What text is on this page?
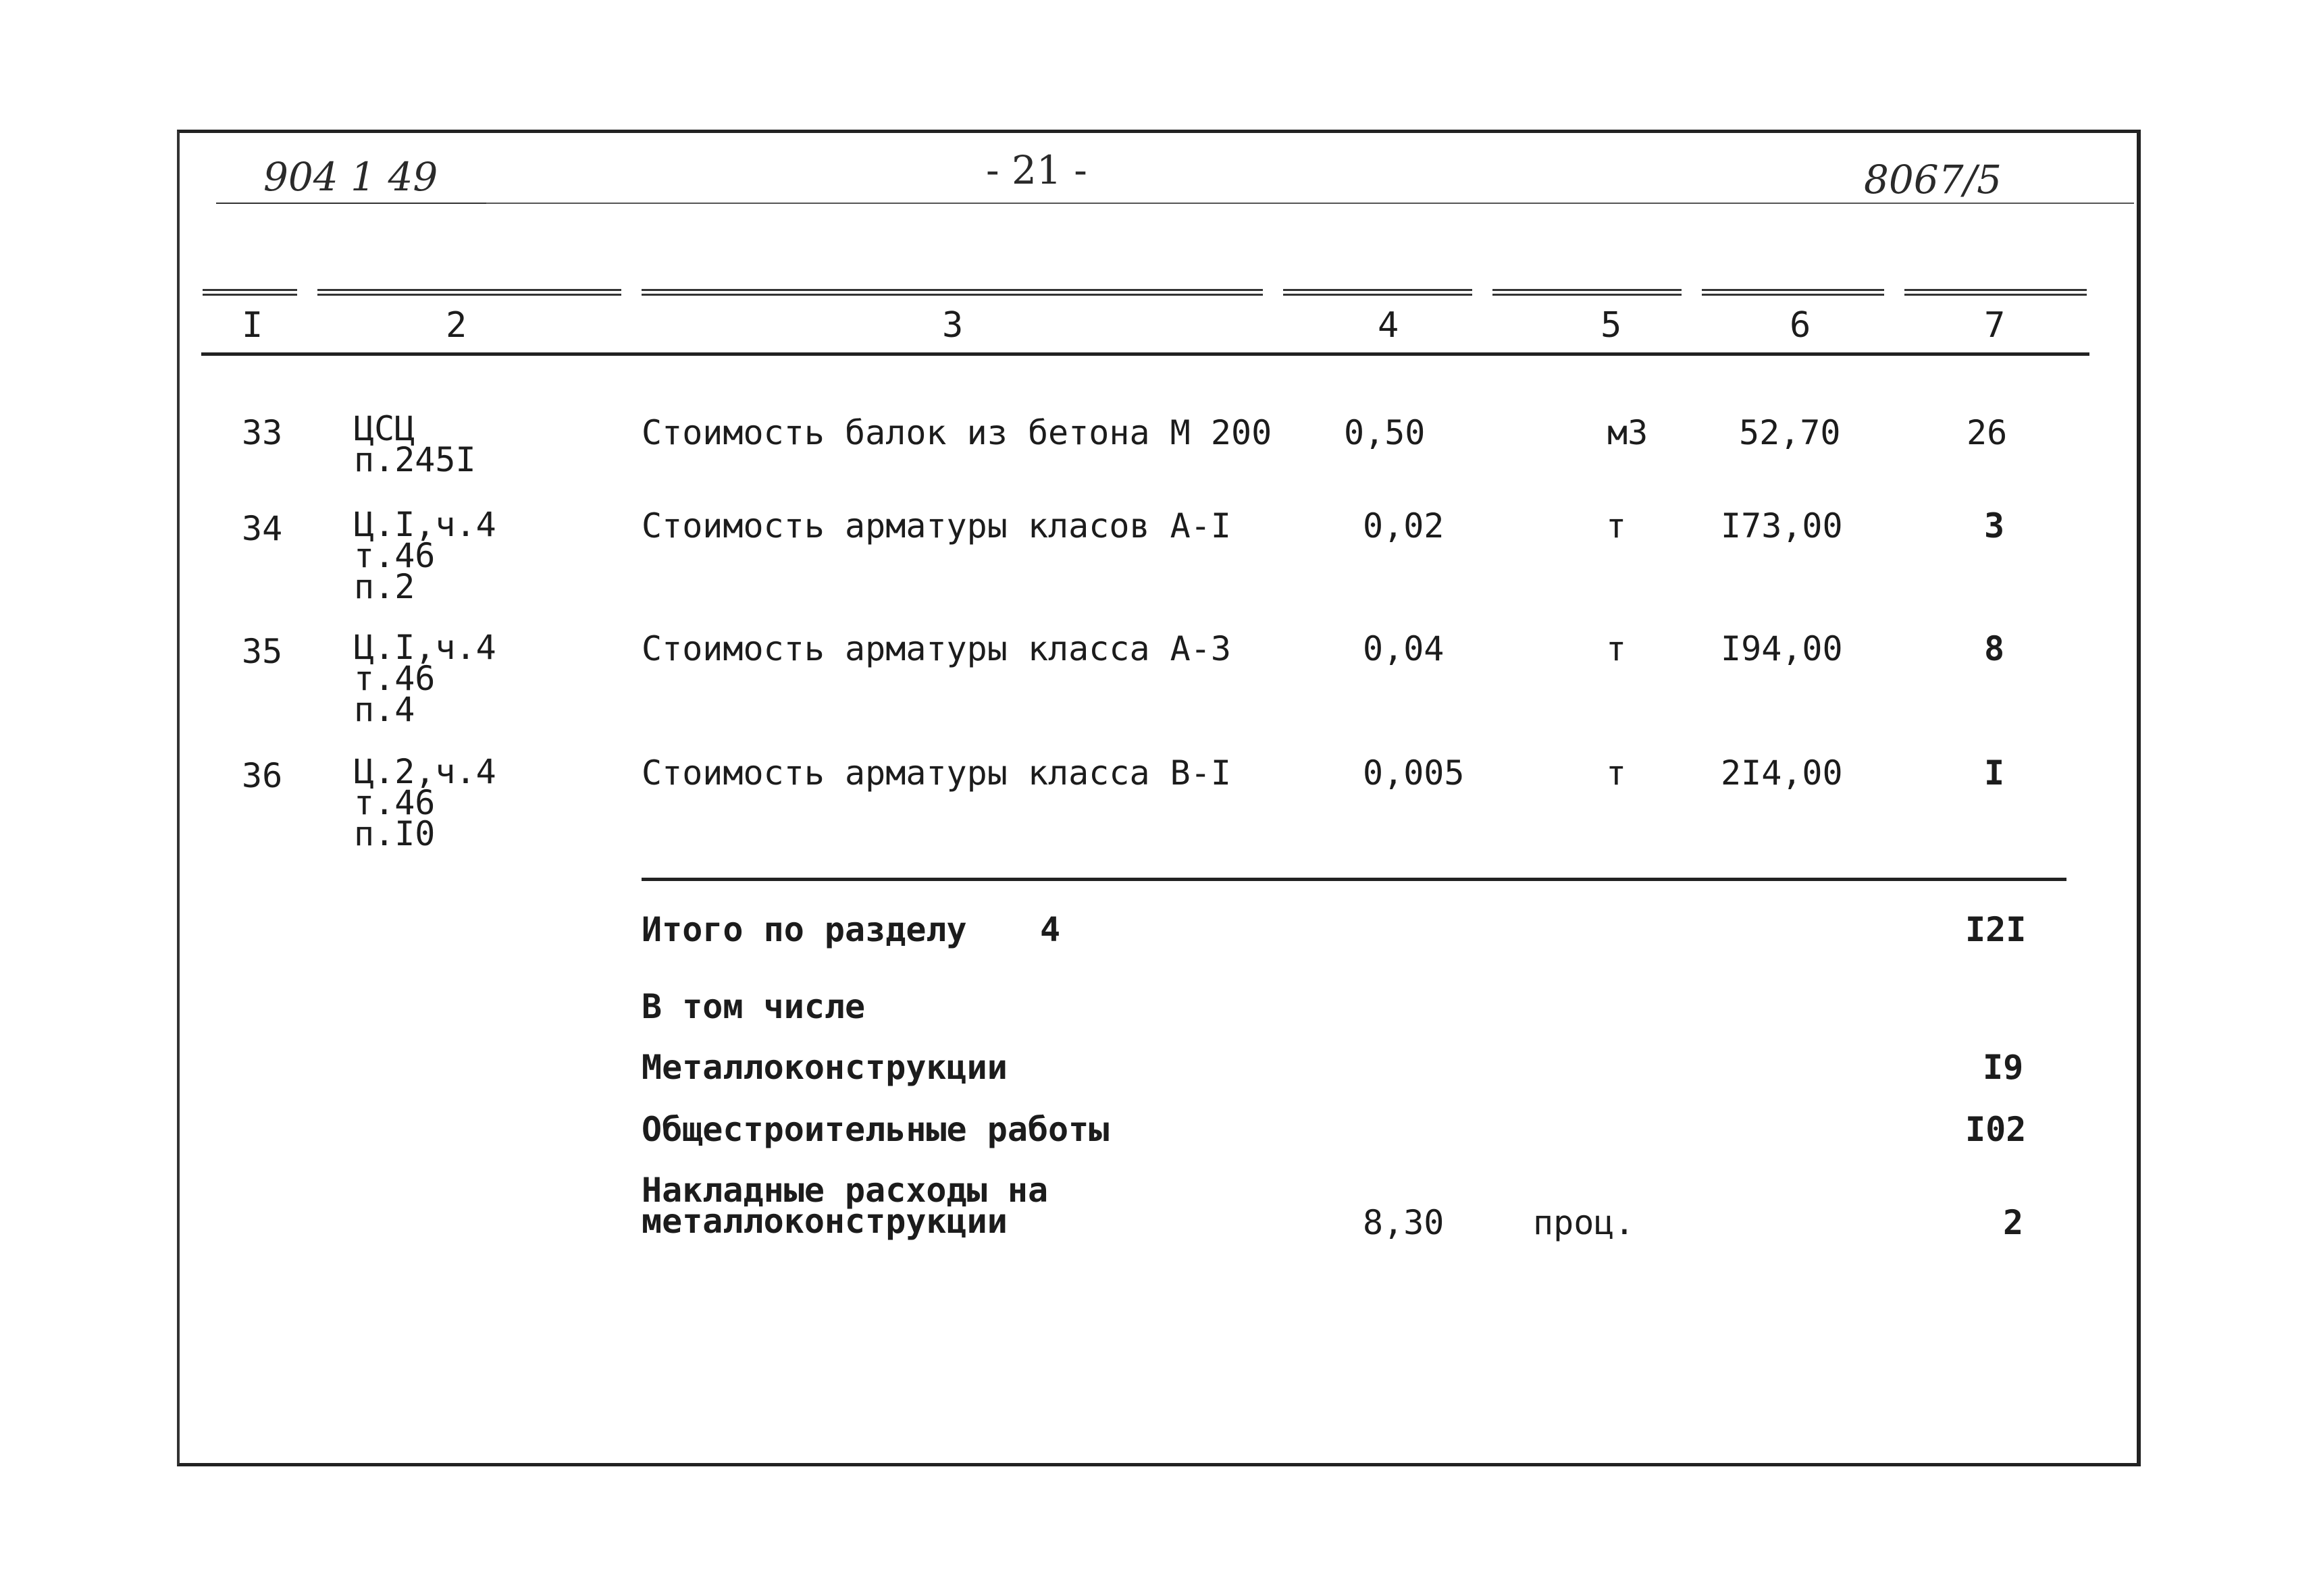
904 1 49	- 21 -	8067/5
I	2	3	4	5	6	7
33 ЦСЦ
п.245I
Стоимость балок из бетона М 200 0,50	м3	52,70	26
34 Ц.I,ч.4
т.46
п.2
Стоимость арматуры класов А-I	0,02	т	I73,00	3
35 Ц.I,ч.4
т.46
п.4
Стоимость арматуры класса А-3	0,04	т	I94,00	8
36 Ц.2,ч.4
т.46
п.I0
Стоимость арматуры класса В-I	0,005	т	2I4,00	I
Итого по разделу 4	I2I
В том числе
Металлоконструкции	I9
Общестроительные работы	I02
Накладные расходы на
металлоконструкции	8,30	проц.	2
